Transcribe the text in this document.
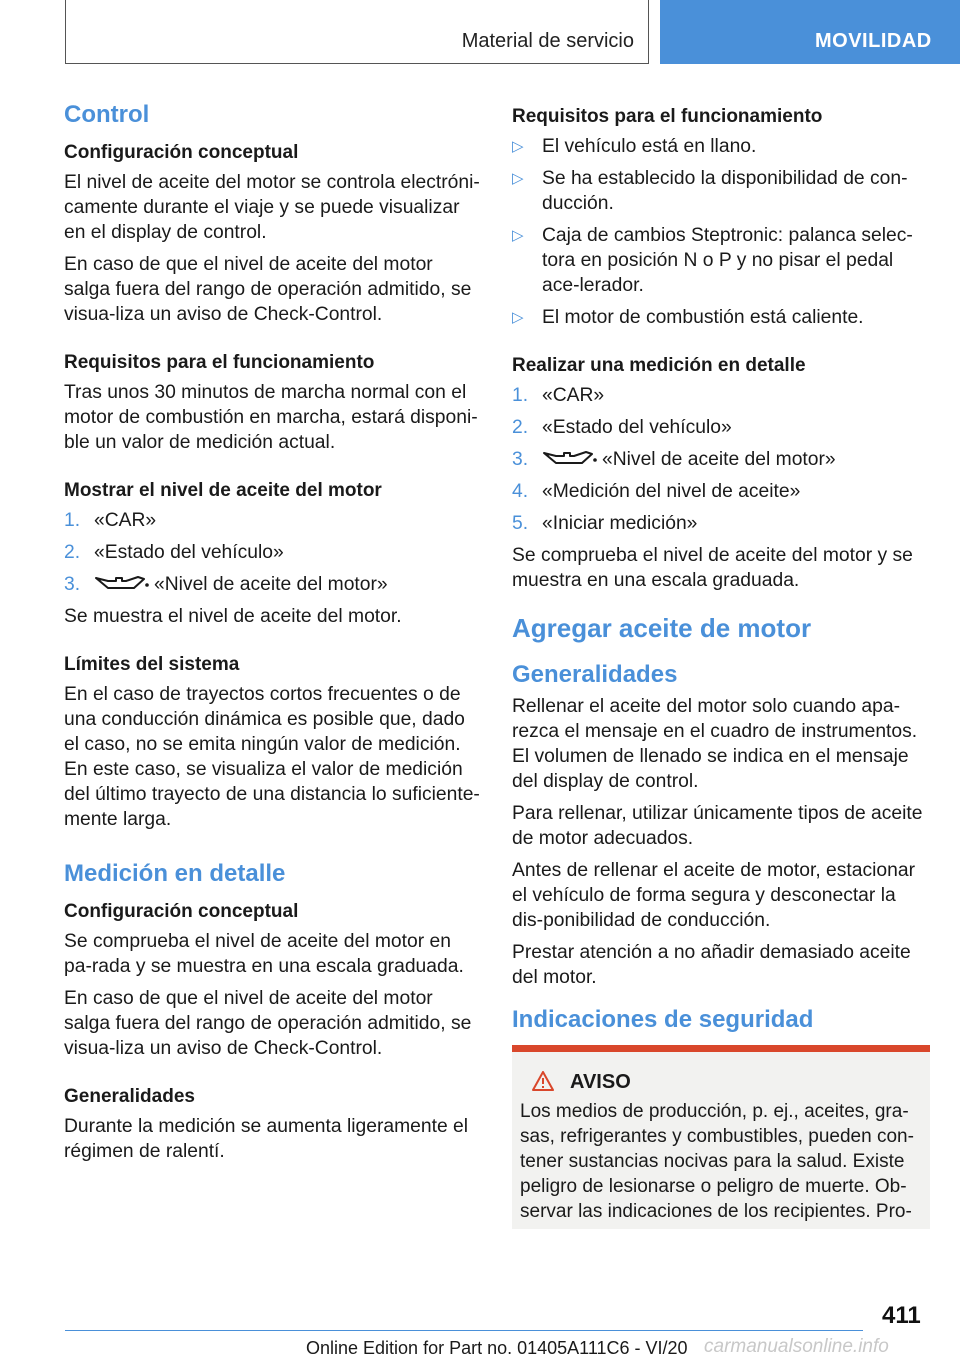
Material de servicio	MOVILIDAD
Control
Configuración conceptual

El nivel de aceite del motor se controla electróni-camente durante el viaje y se puede visualizar en el display de control.

En caso de que el nivel de aceite del motor salga fuera del rango de operación admitido, se visua-liza un aviso de Check-Control.

Requisitos para el funcionamiento

Tras unos 30 minutos de marcha normal con el motor de combustión en marcha, estará disponi-ble un valor de medición actual.

Mostrar el nivel de aceite del motor
1. «CAR»
2. «Estado del vehículo»
3.	«Nivel de aceite del motor»

Se muestra el nivel de aceite del motor.

Límites del sistema

En el caso de trayectos cortos frecuentes o de una conducción dinámica es posible que, dado el caso, no se emita ningún valor de medición. En este caso, se visualiza el valor de medición del último trayecto de una distancia lo suficiente-mente larga.

Medición en detalle
Configuración conceptual

Se comprueba el nivel de aceite del motor en pa-rada y se muestra en una escala graduada.

En caso de que el nivel de aceite del motor salga fuera del rango de operación admitido, se visua-liza un aviso de Check-Control.

Generalidades

Durante la medición se aumenta ligeramente el régimen de ralentí.

Requisitos para el funcionamiento
▷ El vehículo está en llano.
▷ Se ha establecido la disponibilidad de con-ducción.
▷ Caja de cambios Steptronic: palanca selec-tora en posición N o P y no pisar el pedal ace-lerador.
▷ El motor de combustión está caliente.
Realizar una medición en detalle
1. «CAR»
2. «Estado del vehículo»
3.	«Nivel de aceite del motor»
4. «Medición del nivel de aceite»
5. «Iniciar medición»

Se comprueba el nivel de aceite del motor y se muestra en una escala graduada.

Agregar aceite de motor
Generalidades

Rellenar el aceite del motor solo cuando apa-rezca el mensaje en el cuadro de instrumentos. El volumen de llenado se indica en el mensaje del display de control.

Para rellenar, utilizar únicamente tipos de aceite de motor adecuados.

Antes de rellenar el aceite de motor, estacionar el vehículo de forma segura y desconectar la dis-ponibilidad de conducción.

Prestar atención a no añadir demasiado aceite del motor.

Indicaciones de seguridad
AVISO

Los medios de producción, p. ej., aceites, gra-sas, refrigerantes y combustibles, pueden con-tener sustancias nocivas para la salud. Existe peligro de lesionarse o peligro de muerte. Ob-servar las indicaciones de los recipientes. Pro-

411
Online Edition for Part no. 01405A111C6 - VI/20 carmanualsonline.info
